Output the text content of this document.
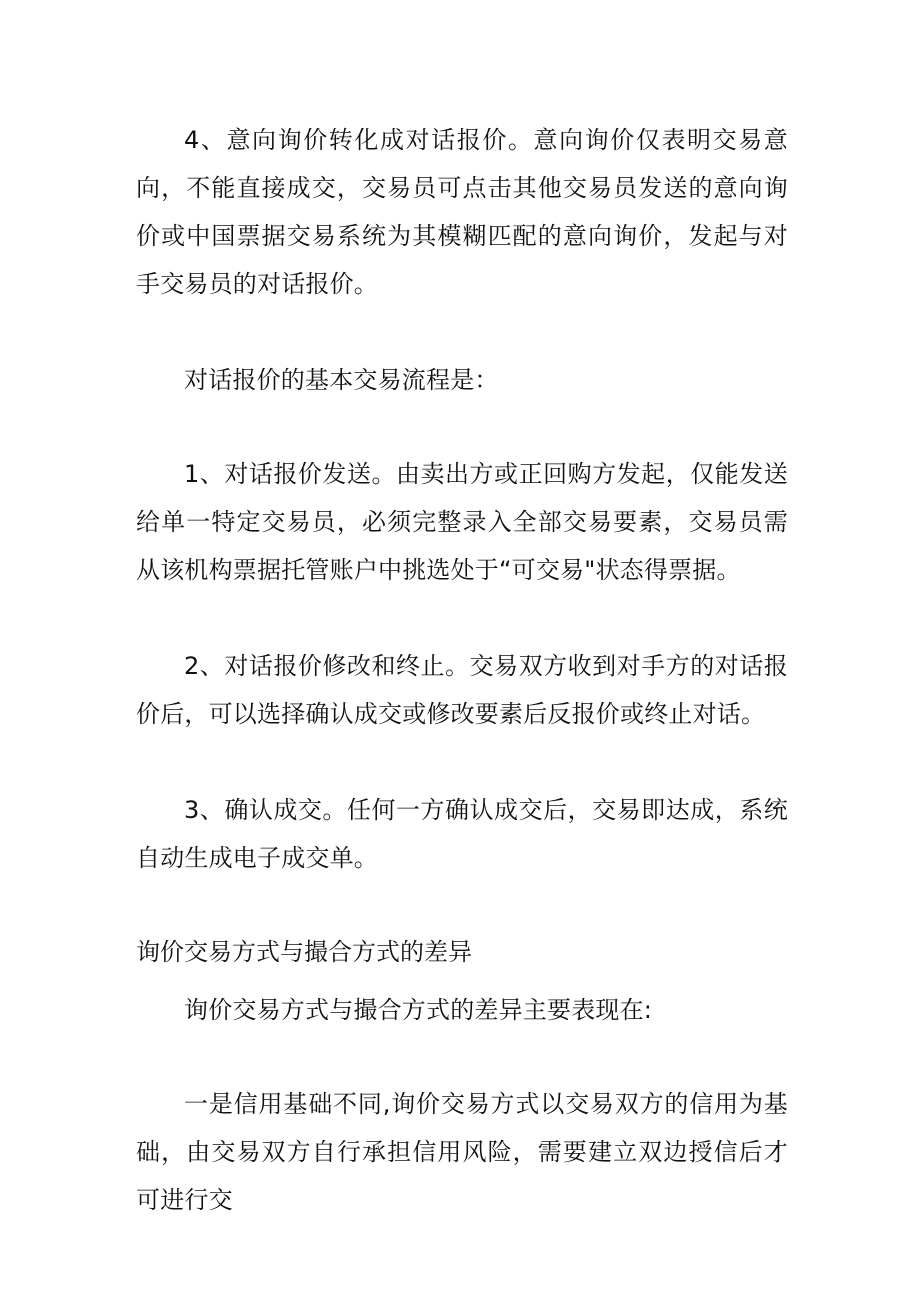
4、意向询价转化成对话报价。意向询价仅表明交易意向，不能直接成交，交易员可点击其他交易员发送的意向询价或中国票据交易系统为其模糊匹配的意向询价，发起与对手交易员的对话报价。

对话报价的基本交易流程是：

1、对话报价发送。由卖出方或正回购方发起，仅能发送给单一特定交易员，必须完整录入全部交易要素，交易员需从该机构票据托管账户中挑选处于“可交易"状态得票据。

2、对话报价修改和终止。交易双方收到对手方的对话报价后，可以选择确认成交或修改要素后反报价或终止对话。

3、确认成交。任何一方确认成交后，交易即达成，系统自动生成电子成交单。

询价交易方式与撮合方式的差异

询价交易方式与撮合方式的差异主要表现在:

一是信用基础不同,询价交易方式以交易双方的信用为基础，由交易双方自行承担信用风险，需要建立双边授信后才可进行交
